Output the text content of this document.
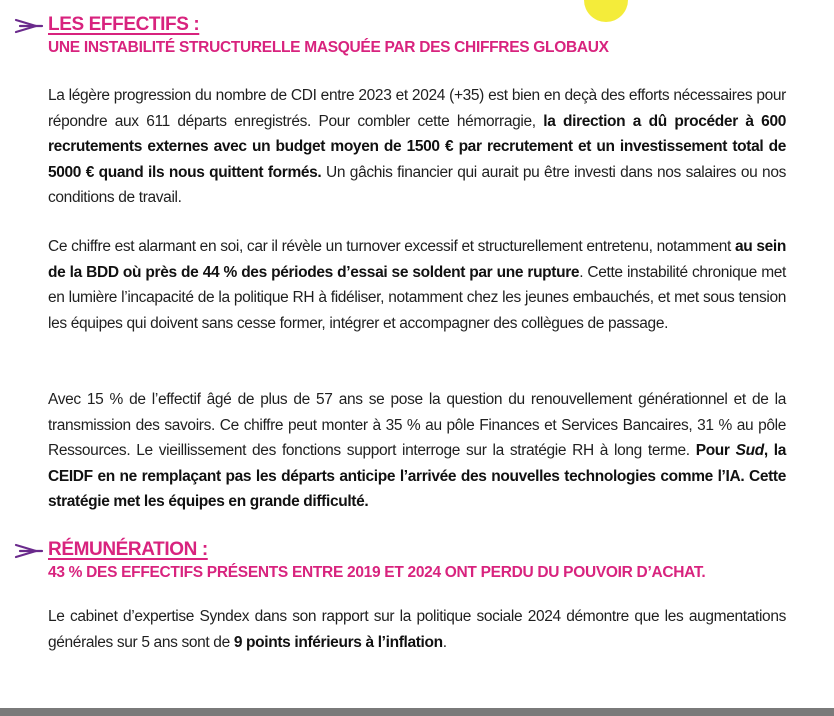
LES EFFECTIFS :
UNE INSTABILITÉ STRUCTURELLE MASQUÉE PAR DES CHIFFRES GLOBAUX

La légère progression du nombre de CDI entre 2023 et 2024 (+35) est bien en deçà des efforts nécessaires pour répondre aux 611 départs enregistrés. Pour combler cette hémorragie, la direction a dû procéder à 600 recrutements externes avec un budget moyen de 1500 € par recrutement et un investissement total de 5000 € quand ils nous quittent formés. Un gâchis financier qui aurait pu être investi dans nos salaires ou nos conditions de travail.

Ce chiffre est alarmant en soi, car il révèle un turnover excessif et structurellement entretenu, notamment au sein de la BDD où près de 44 % des périodes d’essai se soldent par une rupture. Cette instabilité chronique met en lumière l’incapacité de la politique RH à fidéliser, notamment chez les jeunes embauchés, et met sous tension les équipes qui doivent sans cesse former, intégrer et accompagner des collègues de passage.

Avec 15 % de l’effectif âgé de plus de 57 ans se pose la question du renouvellement générationnel et de la transmission des savoirs. Ce chiffre peut monter à 35 % au pôle Finances et Services Bancaires, 31 % au pôle Ressources. Le vieillissement des fonctions support interroge sur la stratégie RH à long terme. Pour Sud, la CEIDF en ne remplaçant pas les départs anticipe l’arrivée des nouvelles technologies comme l’IA. Cette stratégie met les équipes en grande difficulté.

RÉMUNÉRATION :
43 % DES EFFECTIFS PRÉSENTS ENTRE 2019 ET 2024 ONT PERDU DU POUVOIR D’ACHAT.

Le cabinet d’expertise Syndex dans son rapport sur la politique sociale 2024 démontre que les augmentations générales sur 5 ans sont de 9 points inférieurs à l’inflation.
